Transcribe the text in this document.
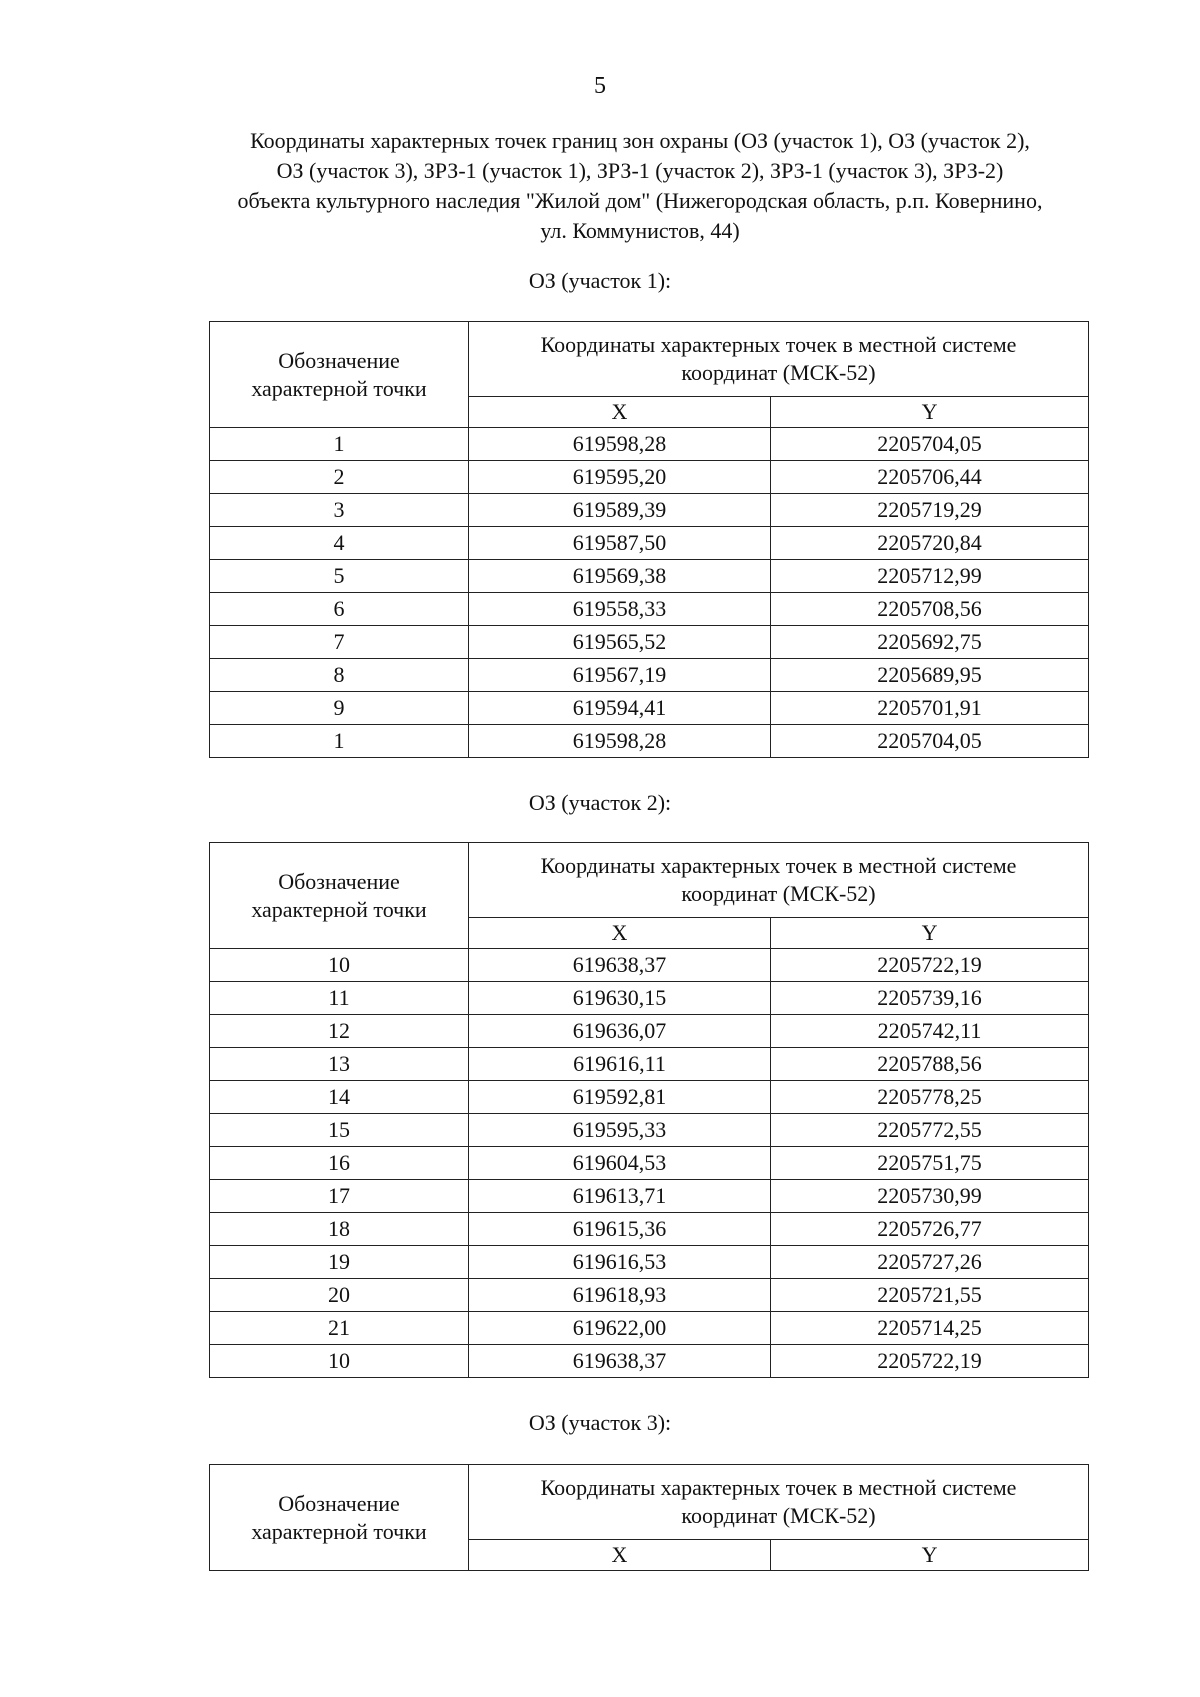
5
Координаты характерных точек границ зон охраны (ОЗ (участок 1), ОЗ (участок 2),
ОЗ (участок 3), ЗРЗ-1 (участок 1), ЗРЗ-1 (участок 2), ЗРЗ-1 (участок 3), ЗРЗ-2)
объекта культурного наследия "Жилой дом" (Нижегородская область, р.п. Ковернино,
ул. Коммунистов, 44)
ОЗ (участок 1):
Обозначение
характерной точки	Координаты характерных точек в местной системе
координат (МСК-52)	
	X	Y
1	619598,28	2205704,05
2	619595,20	2205706,44
3	619589,39	2205719,29
4	619587,50	2205720,84
5	619569,38	2205712,99
6	619558,33	2205708,56
7	619565,52	2205692,75
8	619567,19	2205689,95
9	619594,41	2205701,91
1	619598,28	2205704,05
ОЗ (участок 2):
Обозначение
характерной точки	Координаты характерных точек в местной системе
координат (МСК-52)	
	X	Y
10	619638,37	2205722,19
11	619630,15	2205739,16
12	619636,07	2205742,11
13	619616,11	2205788,56
14	619592,81	2205778,25
15	619595,33	2205772,55
16	619604,53	2205751,75
17	619613,71	2205730,99
18	619615,36	2205726,77
19	619616,53	2205727,26
20	619618,93	2205721,55
21	619622,00	2205714,25
10	619638,37	2205722,19
ОЗ (участок 3):
Обозначение
характерной точки	Координаты характерных точек в местной системе
координат (МСК-52)	
	X	Y
